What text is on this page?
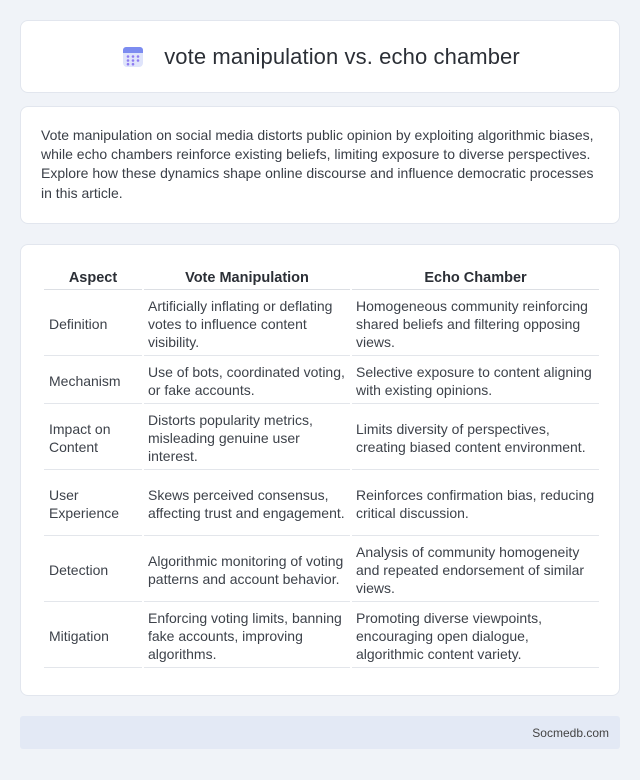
vote manipulation vs. echo chamber

Vote manipulation on social media distorts public opinion by exploiting algorithmic biases, while echo chambers reinforce existing beliefs, limiting exposure to diverse perspectives. Explore how these dynamics shape online discourse and influence democratic processes in this article.

Aspect	Vote Manipulation	Echo Chamber
Definition	Artificially inflating or deflating votes to influence content visibility.	Homogeneous community reinforcing shared beliefs and filtering opposing views.
Mechanism	Use of bots, coordinated voting, or fake accounts.	Selective exposure to content aligning with existing opinions.
Impact on Content	Distorts popularity metrics, misleading genuine user interest.	Limits diversity of perspectives, creating biased content environment.
User Experience	Skews perceived consensus, affecting trust and engagement.	Reinforces confirmation bias, reducing critical discussion.
Detection	Algorithmic monitoring of voting patterns and account behavior.	Analysis of community homogeneity and repeated endorsement of similar views.
Mitigation	Enforcing voting limits, banning fake accounts, improving algorithms.	Promoting diverse viewpoints, encouraging open dialogue, algorithmic content variety.
Socmedb.com
